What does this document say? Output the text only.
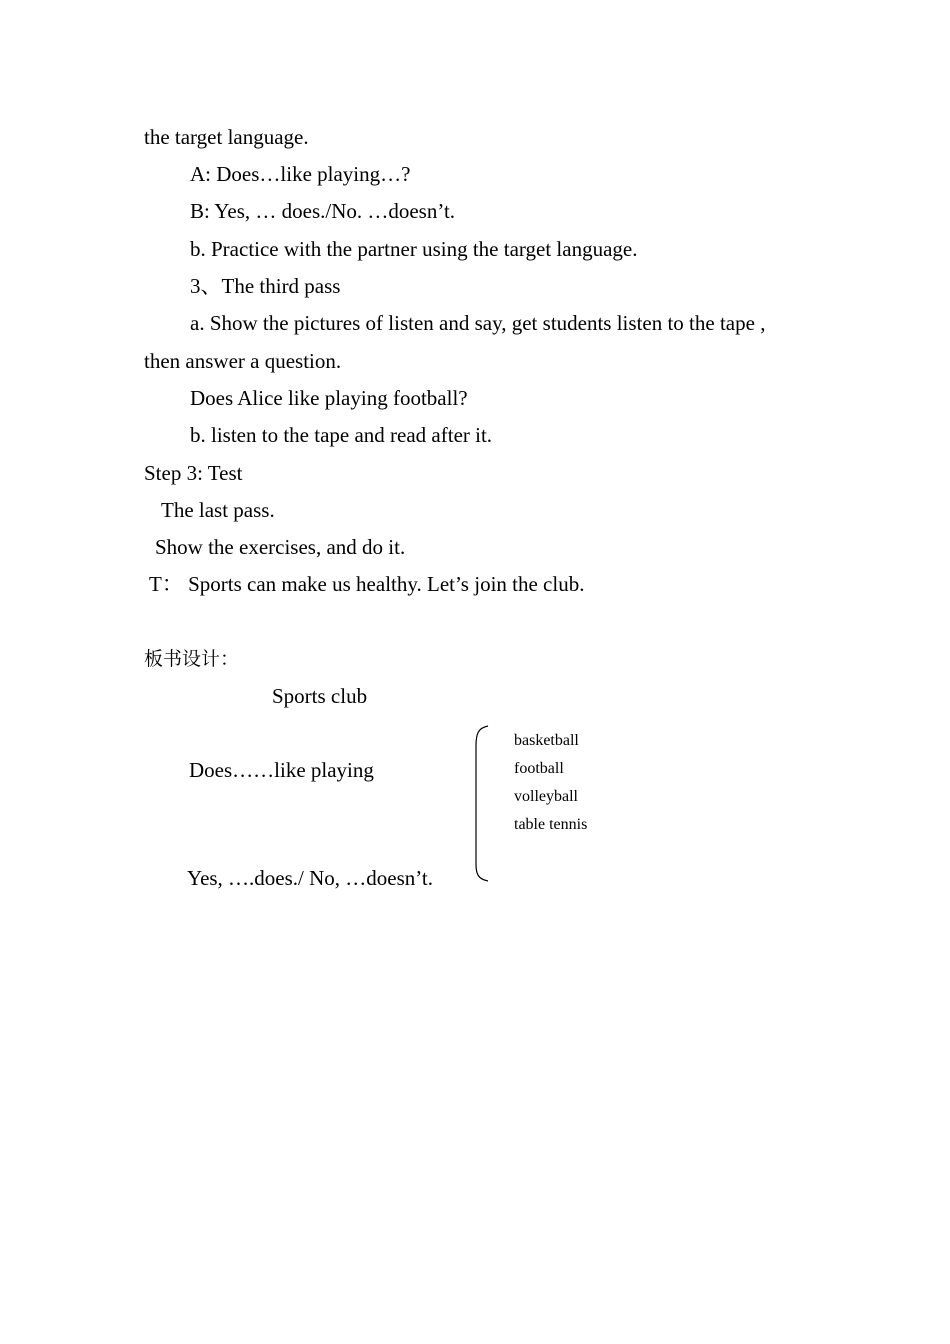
the target language.
A: Does…like playing…?
B: Yes, … does./No. …doesn’t.
b. Practice with the partner using the target language.
3、The third pass
a. Show the pictures of listen and say, get students listen to the tape ,
then answer a question.
Does Alice like playing football?
b. listen to the tape and read after it.
Step 3: Test
The last pass.
Show the exercises, and do it.
T： Sports can make us healthy. Let’s join the club.
板书设计：
Sports club
Does……like playing
Yes, ….does./ No, …doesn’t.
basketball
football
volleyball
table tennis
